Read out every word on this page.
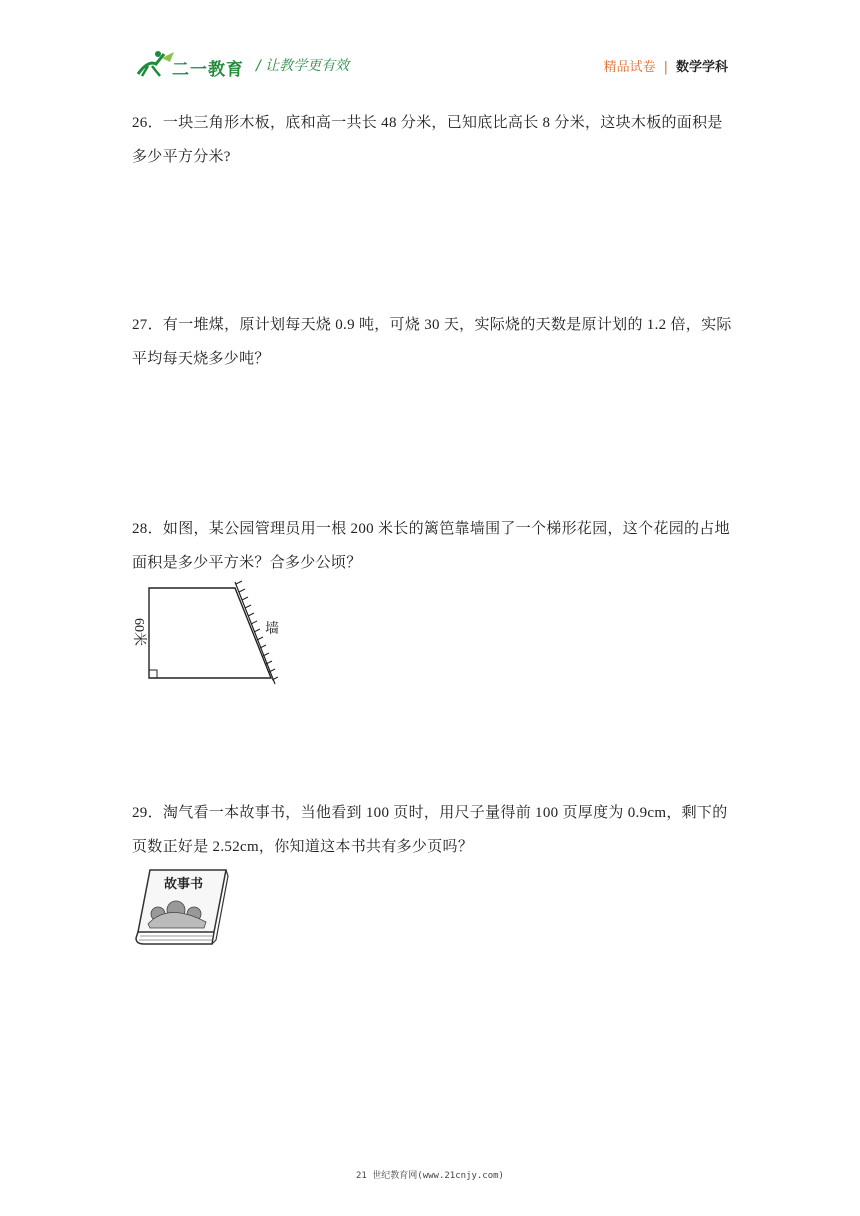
二一教育 / 让教学更有效	精品试卷 | 数学学科
26．一块三角形木板，底和高一共长 48 分米，已知底比高长 8 分米，这块木板的面积是多少平方分米?
27．有一堆煤，原计划每天烧 0.9 吨，可烧 30 天，实际烧的天数是原计划的 1.2 倍，实际平均每天烧多少吨？
28．如图，某公园管理员用一根 200 米长的篱笆靠墙围了一个梯形花园，这个花园的占地面积是多少平方米？合多少公顷？
60米	墙
29．淘气看一本故事书，当他看到 100 页时，用尺子量得前 100 页厚度为 0.9cm，剩下的页数正好是 2.52cm，你知道这本书共有多少页吗？
故事书
21 世纪教育网(www.21cnjy.com)
